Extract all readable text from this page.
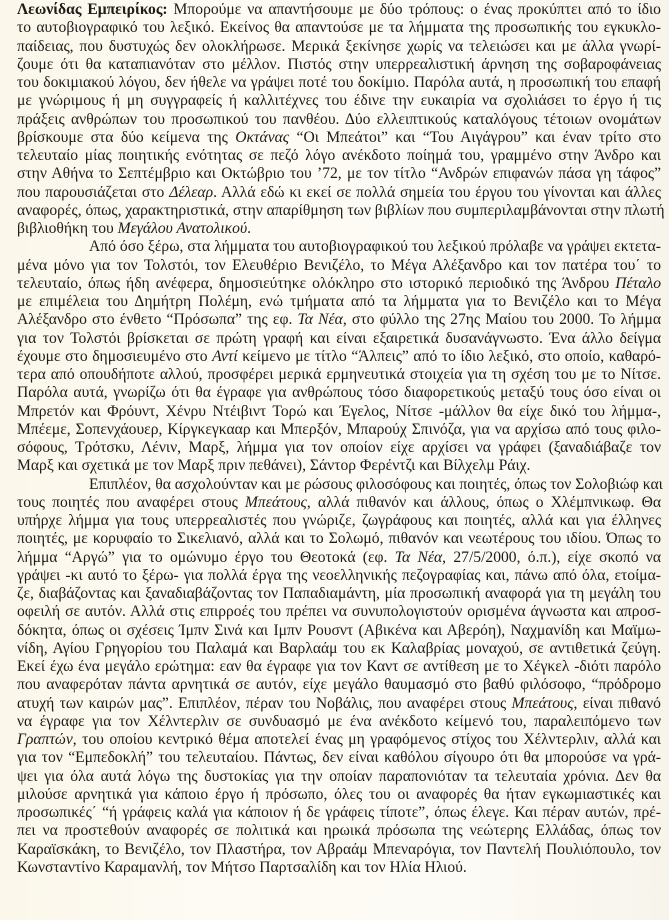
Λεωνίδας Εμπειρίκος: Μπορούμε να απαντήσουμε με δύο τρόπους: ο ένας προκύπτει από το ίδιο
το αυτοβιογραφικό του λεξικό. Εκείνος θα απαντούσε με τα λήμματα της προσωπικής του εγκυκλο-
παίδειας, που δυστυχώς δεν ολοκλήρωσε. Μερικά ξεκίνησε χωρίς να τελειώσει και με άλλα γνωρί-
ζουμε ότι θα καταπιανόταν στο μέλλον. Πιστός στην υπερρεαλιστική άρνηση της σοβαροφάνειας
του δοκιμιακού λόγου, δεν ήθελε να γράψει ποτέ του δοκίμιο. Παρόλα αυτά, η προσωπική του επαφή
με γνώριμους ή μη συγγραφείς ή καλλιτέχνες του έδινε την ευκαιρία να σχολιάσει το έργο ή τις
πράξεις ανθρώπων του προσωπικού του πανθέου. Δύο ελλειπτικούς καταλόγους τέτοιων ονομάτων
βρίσκουμε στα δύο κείμενα της Οκτάνας “Οι Μπεάτοι” και “Του Αιγάγρου” και έναν τρίτο στο
τελευταίο μίας ποιητικής ενότητας σε πεζό λόγο ανέκδοτο ποίημά του, γραμμένο στην Άνδρο και
στην Αθήνα το Σεπτέμβριο και Οκτώβριο του ’72, με τον τίτλο “Ανδρών επιφανών πάσα γη τάφος”
που παρουσιάζεται στο Δέλεαρ. Αλλά εδώ κι εκεί σε πολλά σημεία του έργου του γίνονται και άλλες
αναφορές, όπως, χαρακτηριστικά, στην απαρίθμηση των βιβλίων που συμπεριλαμβάνονται στην πλωτή
βιβλιοθήκη του Μεγάλου Ανατολικού.
Από όσο ξέρω, στα λήμματα του αυτοβιογραφικού του λεξικού πρόλαβε να γράψει εκτετα-
μένα μόνο για τον Τολστόι, τον Ελευθέριο Βενιζέλο, το Μέγα Αλέξανδρο και τον πατέρα του΄ το
τελευταίο, όπως ήδη ανέφερα, δημοσιεύτηκε ολόκληρο στο ιστορικό περιοδικό της Άνδρου Πέταλο
με επιμέλεια του Δημήτρη Πολέμη, ενώ τμήματα από τα λήμματα για το Βενιζέλο και το Μέγα
Αλέξανδρο στο ένθετο “Πρόσωπα” της εφ. Τα Νέα, στο φύλλο της 27ης Μαίου του 2000. Το λήμμα
για τον Τολστόι βρίσκεται σε πρώτη γραφή και είναι εξαιρετικά δυσανάγνωστο. Ένα άλλο δείγμα
έχουμε στο δημοσιευμένο στο Αντί κείμενο με τίτλο “Άλπεις” από το ίδιο λεξικό, στο οποίο, καθαρό-
τερα από οπουδήποτε αλλού, προσφέρει μερικά ερμηνευτικά στοιχεία για τη σχέση του με το Νίτσε.
Παρόλα αυτά, γνωρίζω ότι θα έγραφε για ανθρώπους τόσο διαφορετικούς μεταξύ τους όσο είναι οι
Μπρετόν και Φρόυντ, Χένρυ Ντέιβιντ Τορώ και Έγελος, Νίτσε -μάλλον θα είχε δικό του λήμμα-,
Μπέεμε, Σοπενχάουερ, Κίργκεγκααρ και Μπερξόν, Μπαρούχ Σπινόζα, για να αρχίσω από τους φιλο-
σόφους, Τρότσκυ, Λένιν, Μαρξ, λήμμα για τον οποίον είχε αρχίσει να γράφει (ξαναδιάβαζε τον
Μαρξ και σχετικά με τον Μαρξ πριν πεθάνει), Σάντορ Φερέντζι και Βίλχελμ Ράιχ.
Επιπλέον, θα ασχολούνταν και με ρώσους φιλοσόφους και ποιητές, όπως τον Σολοβιώφ και
τους ποιητές που αναφέρει στους Μπεάτους, αλλά πιθανόν και άλλους, όπως ο Χλέμπνικωφ. Θα
υπήρχε λήμμα για τους υπερρεαλιστές που γνώριζε, ζωγράφους και ποιητές, αλλά και για έλληνες
ποιητές, με κορυφαίο το Σικελιανό, αλλά και το Σολωμό, πιθανόν και νεωτέρους του ιδίου. Όπως το
λήμμα “Αργώ” για το ομώνυμο έργο του Θεοτοκά (εφ. Τα Νέα, 27/5/2000, ό.π.), είχε σκοπό να
γράψει -κι αυτό το ξέρω- για πολλά έργα της νεοελληνικής πεζογραφίας και, πάνω από όλα, ετοίμα-
ζε, διαβάζοντας και ξαναδιαβάζοντας τον Παπαδιαμάντη, μία προσωπική αναφορά για τη μεγάλη του
οφειλή σε αυτόν. Αλλά στις επιρροές του πρέπει να συνυπολογιστούν ορισμένα άγνωστα και απροσ-
δόκητα, όπως οι σχέσεις Ίμπν Σινά και Ιμπν Ρουσντ (Αβικένα και Αβερόη), Ναχμανίδη και Μαϊμω-
νίδη, Αγίου Γρηγορίου του Παλαμά και Βαρλαάμ του εκ Καλαβρίας μοναχού, σε αντιθετικά ζεύγη.
Εκεί έχω ένα μεγάλο ερώτημα: εαν θα έγραφε για τον Καντ σε αντίθεση με το Χέγκελ -διότι παρόλο
που αναφερόταν πάντα αρνητικά σε αυτόν, είχε μεγάλο θαυμασμό στο βαθύ φιλόσοφο, “πρόδρομο
ατυχή των καιρών μας”. Επιπλέον, πέραν του Νοβάλις, που αναφέρει στους Μπεάτους, είναι πιθανό
να έγραφε για τον Χέλντερλιν σε συνδυασμό με ένα ανέκδοτο κείμενό του, παραλειπόμενο των
Γραπτών, του οποίου κεντρικό θέμα αποτελεί ένας μη γραφόμενος στίχος του Χέλντερλιν, αλλά και
για τον “Εμπεδοκλή” του τελευταίου. Πάντως, δεν είναι καθόλου σίγουρο ότι θα μπορούσε να γρά-
ψει για όλα αυτά λόγω της δυστοκίας για την οποίαν παραπονιόταν τα τελευταία χρόνια. Δεν θα
μιλούσε αρνητικά για κάποιο έργο ή πρόσωπο, όλες του οι αναφορές θα ήταν εγκωμιαστικές και
προσωπικές΄ “ή γράφεις καλά για κάποιον ή δε γράφεις τίποτε”, όπως έλεγε. Και πέραν αυτών, πρέ-
πει να προστεθούν αναφορές σε πολιτικά και ηρωικά πρόσωπα της νεώτερης Ελλάδας, όπως τον
Καραϊσκάκη, το Βενιζέλο, τον Πλαστήρα, τον Αβραάμ Μπεναρόγια, τον Παντελή Πουλιόπουλο, τον
Κωνσταντίνο Καραμανλή, τον Μήτσο Παρτσαλίδη και τον Ηλία Ηλιού.
